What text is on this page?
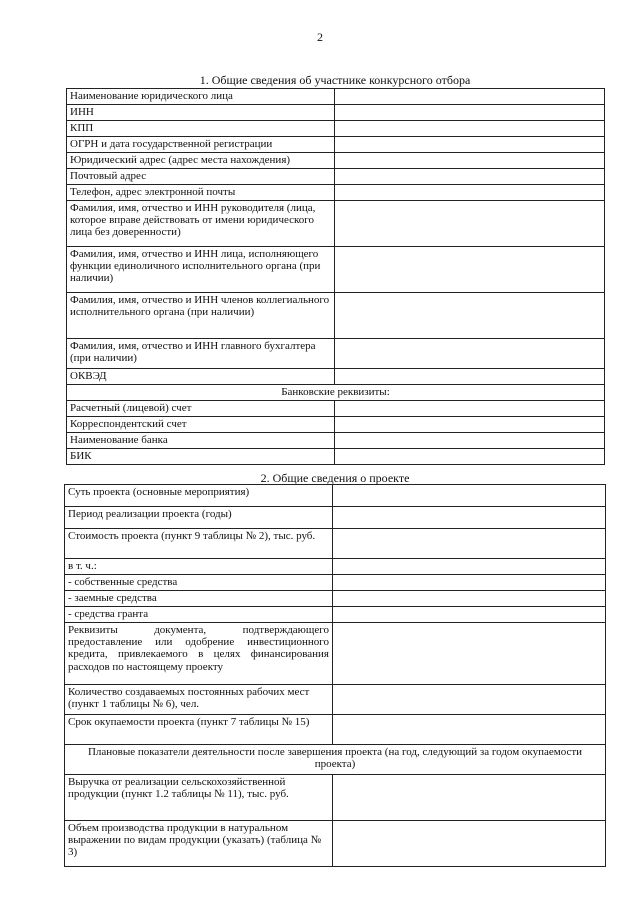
2
1. Общие сведения об участнике конкурсного отбора
Наименование юридического лица	
ИНН	
КПП	
ОГРН и дата государственной регистрации	
Юридический адрес (адрес места нахождения)	
Почтовый адрес	
Телефон, адрес электронной почты	
Фамилия, имя, отчество и ИНН руководителя (лица, которое вправе действовать от имени юридического лица без доверенности)	
Фамилия, имя, отчество и ИНН лица, исполняющего функции единоличного исполнительного органа (при наличии)	
Фамилия, имя, отчество и ИНН членов коллегиального исполнительного органа (при наличии)	
Фамилия, имя, отчество и ИНН главного бухгалтера (при наличии)	
ОКВЭД	
Банковские реквизиты:	
Расчетный (лицевой) счет	
Корреспондентский счет	
Наименование банка	
БИК	
2. Общие сведения о проекте
Суть проекта (основные мероприятия)	
Период реализации проекта (годы)	
Стоимость проекта (пункт 9 таблицы № 2), тыс. руб.	
в т. ч.:	
- собственные средства	
- заемные средства	
- средства гранта	
Реквизиты документа, подтверждающего предоставление или одобрение инвестиционного кредита, привлекаемого в целях финансирования расходов по настоящему проекту	
Количество создаваемых постоянных рабочих мест (пункт 1 таблицы № 6), чел.	
Срок окупаемости проекта (пункт 7 таблицы № 15)	
Плановые показатели деятельности после завершения проекта (на год, следующий за годом окупаемости проекта)	
Выручка от реализации сельскохозяйственной продукции (пункт 1.2 таблицы № 11), тыс. руб.	
Объем производства продукции в натуральном выражении по видам продукции (указать) (таблица № 3)	
